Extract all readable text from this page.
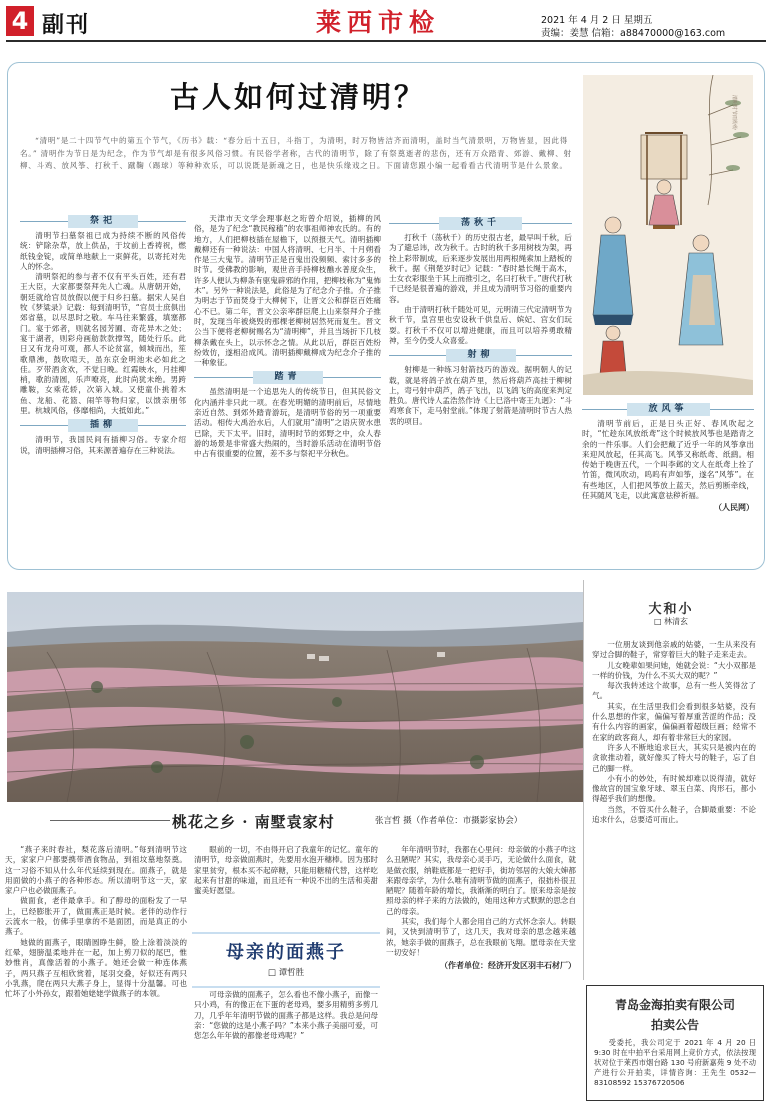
4 副刊	莱西市检	2021 年 4 月 2 日 星期五
责编：姜慧 信箱：a88470000@163.com
古人如何过清明？

“清明”是二十四节气中的第五个节气，《历书》载：“春分后十五日，斗指丁，为清明，时万物皆洁齐而清明，盖时当气清景明，万物皆显，因此得名。” 清明作为节日是为纪念，作为节气却是有很多风俗习惯。有民俗学者称，古代的清明节，除了有祭奠逝者的悲伤，还有万众踏青、郊游、戴柳、射柳、斗鸡、放风筝、打秋千、蹴鞠（踢球）等种种欢乐，可以说既是新魂之日，也是快乐缘戏之日。下面请您跟小编一起看看古代清明节是什么景象。

清明时节雨纷纷
祭祀

清明节扫墓祭祖已成为持续不断的风俗传统：铲除杂草，放上供品，于坟前上香祷祝，燃纸钱金锭，或简单地献上一束鲜花，以寄托对先人的怀念。

清明祭祀的参与者不仅有平头百姓，还有君王大臣，大家都要祭拜先人亡魂。从唐朝开始，朝廷就给官员放假以便于归乡扫墓。据宋人吴自牧《梦粱录》记载：每到清明节，“官员士庶俱出郊省墓，以尽思时之敬。车马往来繁盛，填塞都门。宴于郊者，则就名园芳圃、奇花异木之处；宴于湖者，则彩舟画舫款款撑驾，随处行乐。此日又有龙舟可观，都人不论贫富，倾城而出，笙歌鼎沸，鼓吹喧天，虽东京金明池未必如此之佳。歹带酒贪欢，不觉日晚。红霞映水，月挂柳梢，歌韵清圆，乐声嘹亮，此时尚犹未绝。男跨雕鞍，女乘花轿，次第入城。又使童仆挑着木鱼、龙船、花篮、闹竿等物归家，以馈亲朋邻里。杭城风俗，侈靡相尚，大抵如此。”

插柳

清明节，我国民间有插柳习俗。专家介绍说，清明插柳习俗，其来源普遍存在三种说法。

天津市天文学会理事赵之珩曾介绍说，插柳的风俗，是为了纪念“教民稼穑”的农事祖师神农氏的。有的地方，人们把柳枝插在屋檐下，以预报天气。清明插柳戴柳还有一种说法：中国人将清明、七月半、十月朔看作是三大鬼节。清明节正是百鬼出没频频、索讨多多的时节。受佛教的影响，观世音手持柳枝醮水普度众生，许多人便认为柳条有驱鬼辟邪的作用，把柳枝称为“鬼怖木”。另外一种说法是，此俗是为了纪念介子推。介子推为明志于节而焚身于大柳树下，让晋文公和群臣百姓痛心不已。第二年，晋文公亲率群臣爬上山来祭拜介子推时，发现当年被烧毁的那棵老柳树居然死而复生。晋文公当下便将老柳树赐名为“清明柳”，并且当场折下几枝柳条戴在头上，以示怀念之情。从此以后，群臣百姓纷纷效仿，遂相沿成风。清明插柳戴柳成为纪念介子推的一种象征。

踏青

虽然清明是一个追思先人的传统节日，但其民俗文化内涵并非只此一项。在春光明媚的清明前后，尽情地亲近自然、到郊外踏青游玩，是清明节俗的另一项重要活动。相传大禹治水后，人们就用“清明”之语庆贺水患已除，天下太平。旧时，清明时节的郊野之中，众人春游的场景是非常盛大热闹的，当时游乐活动在清明节俗中占有很重要的位置，差不多与祭祀平分秋色。

荡秋千

打秋千（荡秋千）的历史很古老，最早叫千秋，后为了避忌讳，改为秋千。古时的秋千多用树枝为架，再拴上彩带制成，后来逐步发展出用两根绳索加上踏板的秋千。据《荆楚岁时记》记载：“春时悬长绳于高木，士女衣彩服坐于其上而推引之，名曰打秋千。”唐代打秋千已经是很普遍的游戏，并且成为清明节习俗的重要内容。

由于清明打秋千随处可见，元明清三代定清明节为秋千节，皇宫里也安设秋千供皇后、嫔妃、宫女们玩耍。打秋千不仅可以增进健康，而且可以培养勇敢精神，至今仍受人众喜爱。

射柳

射柳是一种练习射箭技巧的游戏。据明朝人的记载，就是将鸽子放在葫芦里，然后将葫芦高挂于柳树上，弯弓射中葫芦，鸽子飞出，以飞鸽飞的高度来判定胜负。唐代诗人孟浩然作诗《上巳洛中寄王九迥》：“斗鸡寒食下，走马射堂前。”体现了射箭是清明时节古人热衷的项目。

放风筝

清明节前后，正是日头正好、春风吹起之时，“忙趁东风放纸鸢”这个时候放风筝也是踏青之余的一件乐事。人们会把戴了近乎一年的风筝拿出来迎风放起，任其高飞。风筝又称纸鸢、纸鹞。相传始于晚唐五代，一个叫李邺的文人在纸鸢上拴了竹笛，微风吹动，呜呜有声如筝，遂名“风筝”。在有些地区，人们把风筝放上蓝天，然后剪断牵线，任其随风飞走，以此寓意祛秽祈福。

（人民网）
桃花之乡 · 南墅袁家村	张言哲 摄（作者单位：市摄影家协会）
大和小
□ 林清玄

一位朋友谈到他亲戚的姑婆，一生从来没有穿过合脚的鞋子，常穿着巨大的鞋子走来走去。

儿女晚辈如果问她，她就会说：“大小双都是一样的价钱，为什么不买大双的呢？”

每次我转述这个故事，总有一些人笑得岔了气。

其实，在生活里我们会看到很多姑婆，没有什么思想的作家，偏偏写着厚重苦涩的作品；没有什么内容的画家，偏偏画着超级巨画；经常不在家的政客商人，却有着非常巨大的家园。

许多人不断地追求巨大，其实只是被内在的贪欲推动着，就好像买了特大号的鞋子，忘了自己的脚一样。

小有小的妙处，有时候却难以说得清，就好像故宫的国宝象牙球、翠玉白菜、肉形石，都小得超乎我们的想像。

当然，不管买什么鞋子，合脚最重要：不论追求什么，总要适可而止。

青岛金海拍卖有限公司
拍卖公告

受委托，我公司定于 2021 年 4 月 20 日 9:30 时在中拍平台采用网上竞价方式，依法按现状对位于莱西市烟台路 130 号府新嘉苑 9 处不动产进行公开拍卖，详情咨询：王先生 0532—83108592 15376720506

母亲的面燕子
□ 谭哲胜

“燕子来时春社，梨花落后清明。”每到清明节这天，家家户户都要携带酒食物品，到祖坟墓地祭奠。这一习俗不知从什么年代延续到现在。面燕子，就是用面做的小燕子的各种形态。所以清明节这一天，家家户户也必做面燕子。

做面食，老伴最拿手。和了醇母的面粉发了一早上，已经膨胀开了，做面燕正是时候。老伴的动作行云流水一般，仿佛手里拿的不是面团，而是真正的小燕子。

她做的面燕子，眼睛圆睁生鲜，脸上涂着淡淡的红晕，翅膀温柔地并在一起，加上剪刀似的尾巴，惟妙惟肖，真像活着的小燕子。她还会做一种连体燕子，两只燕子互相欣赏着，尾羽交叠，好似还有两只小乳燕，爬在两只大燕子身上，显得十分温馨。可也忙坏了小外孙女，跟着她姥姥学做燕子的本领。

眼前的一切，不由得开启了我童年的记忆。童年的清明节，母亲做面燕时，先要用水泡开穗棒。因为那时家里贫穷，根本买不起碎糖，只能用糖精代替，这样吃起来有甘甜的味道，而且还有一种说不出的生活和美甜蜜美好愿望。

可母亲做的面燕子，怎么看也不像小燕子，而像一只小鸡，有的像正在下蛋的老母鸡，要多用精剪多剪几刀，几乎年年清明节做的面燕子都是这样。我总是问母亲：“您做的这是小燕子吗？”本来小燕子美丽可爱，可您怎么年年做的都像老母鸡呢？”

年年清明节时，我都在心里问：母亲做的小燕子咋这么丑陋呢？其实，我母亲心灵手巧，无论做什么面食，就是做衣服，纳鞋底都是一把好手，街坊邻居的大娘大婶都来跟母亲学，为什么唯有清明节做的面燕子，很拙朴很丑陋呢？随着年龄的增长，我渐渐的明白了。原来母亲是按照母亲的样子来的方法做的，她用这种方式默默的思念自己的母亲。

其实，我们每个人都会用自己的方式怀念亲人。转眼间，又快到清明节了，这几天，我对母亲的思念越来越浓，她亲手做的面燕子，总在我眼前飞翔。愿母亲在天堂一切安好！

（作者单位：经济开发区羽丰石材厂）
